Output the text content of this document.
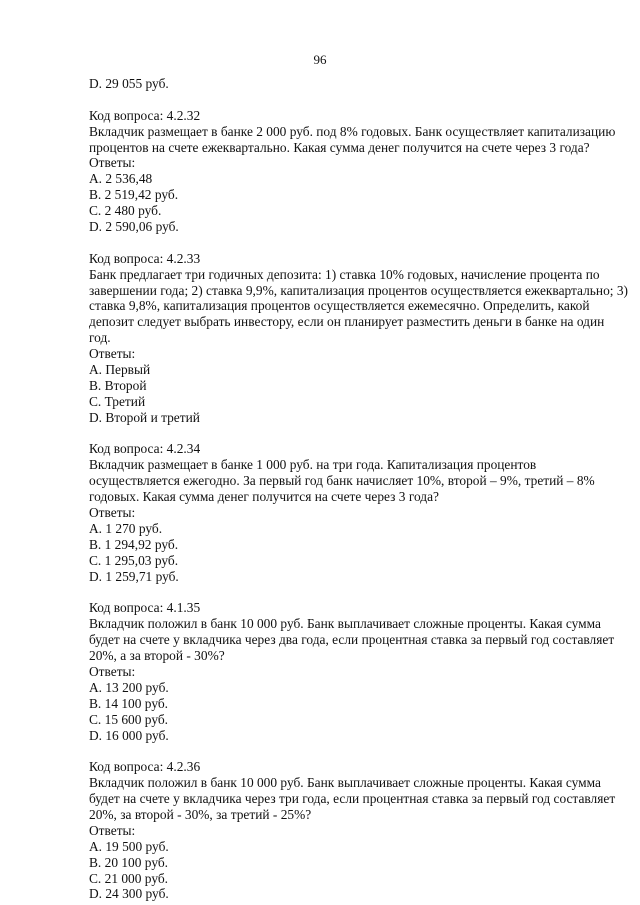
96
D. 29 055 руб.
Код вопроса: 4.2.32
Вкладчик размещает в банке 2 000 руб. под 8% годовых. Банк осуществляет капитализацию
процентов на счете ежеквартально. Какая сумма денег получится на счете через 3 года?
Ответы:
A. 2 536,48
B. 2 519,42 руб.
C. 2 480 руб.
D. 2 590,06 руб.
Код вопроса: 4.2.33
Банк предлагает три годичных депозита: 1) ставка 10% годовых, начисление процента по
завершении года; 2) ставка 9,9%, капитализация процентов осуществляется ежеквартально; 3)
ставка 9,8%, капитализация процентов осуществляется ежемесячно. Определить, какой
депозит следует выбрать инвестору, если он планирует разместить деньги в банке на один
год.
Ответы:
A. Первый
B. Второй
C. Третий
D. Второй и третий
Код вопроса: 4.2.34
Вкладчик размещает в банке 1 000 руб. на три года. Капитализация процентов
осуществляется ежегодно. За первый год банк начисляет 10%, второй – 9%, третий – 8%
годовых. Какая сумма денег получится на счете через 3 года?
Ответы:
A. 1 270 руб.
B. 1 294,92 руб.
C. 1 295,03 руб.
D. 1 259,71 руб.
Код вопроса: 4.1.35
Вкладчик положил в банк 10 000 руб. Банк выплачивает сложные проценты. Какая сумма
будет на счете у вкладчика через два года, если процентная ставка за первый год составляет
20%, а за второй - 30%?
Ответы:
A. 13 200 руб.
B. 14 100 руб.
C. 15 600 руб.
D. 16 000 руб.
Код вопроса: 4.2.36
Вкладчик положил в банк 10 000 руб. Банк выплачивает сложные проценты. Какая сумма
будет на счете у вкладчика через три года, если процентная ставка за первый год составляет
20%, за второй - 30%, за третий - 25%?
Ответы:
A. 19 500 руб.
B. 20 100 руб.
C. 21 000 руб.
D. 24 300 руб.
